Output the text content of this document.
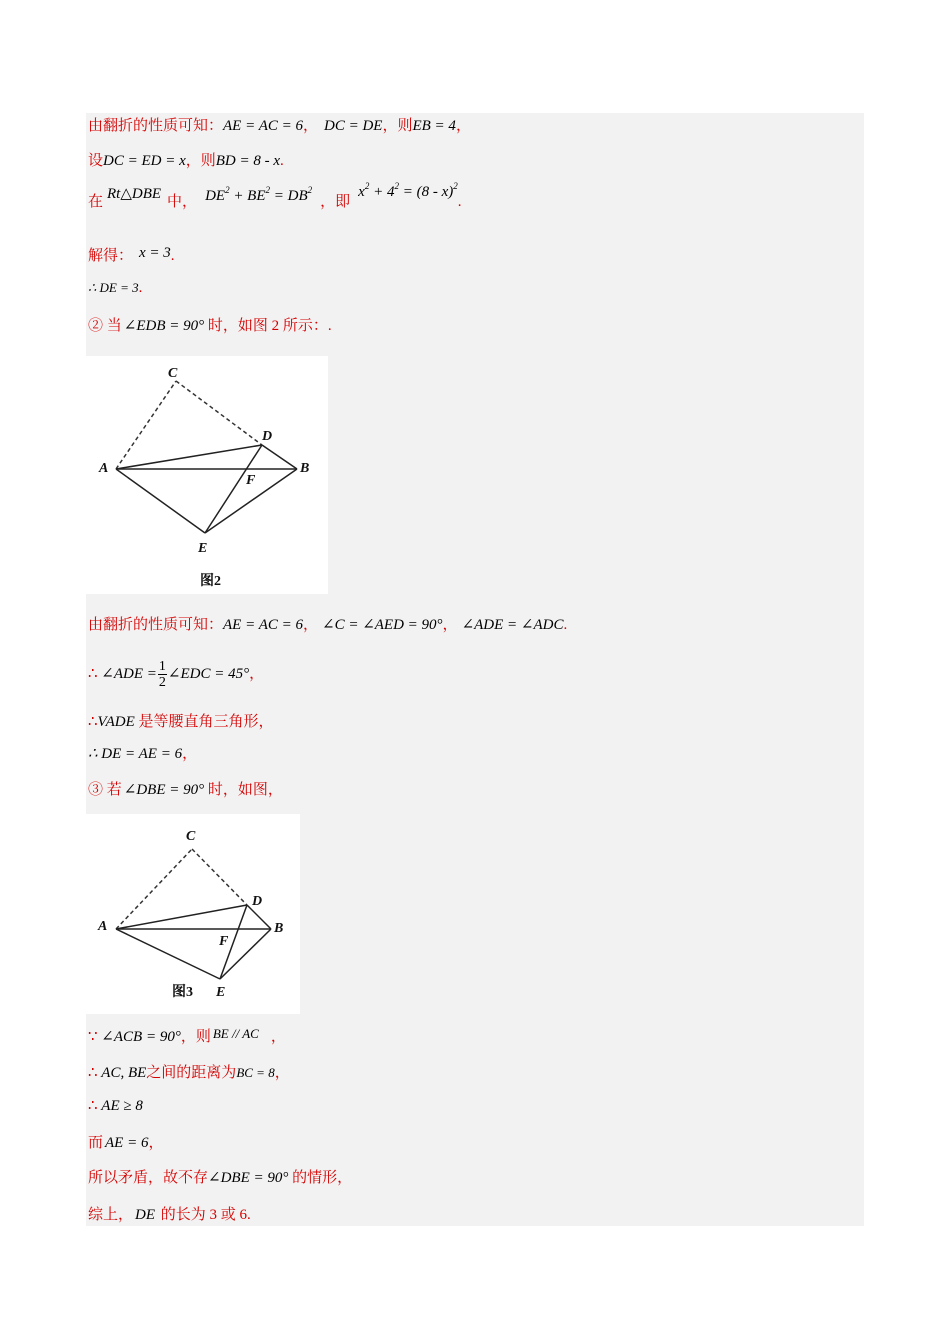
由翻折的性质可知：AE = AC = 6， DC = DE，则EB = 4，
设DC = ED = x，则BD = 8 - x.
在 Rt△DBE 中， $DE^2 + BE^2 = DB^2$，即$x^2 + 4^2 = (8 - x)^2$.
解得： x = 3.
∴ DE = 3.
② 当 ∠EDB = 90° 时，如图 2 所示：.
C
D
A	B
F
E
图2
由翻折的性质可知：AE = AC = 6， ∠C = ∠AED = 90°， ∠ADE = ∠ADC.
∴ ∠ADE = $\frac{1}{2}$ ∠EDC = 45°，
∴VADE 是等腰直角三角形，
∴ DE = AE = 6，
③ 若 ∠DBE = 90° 时，如图，
C
D
A	B
F
E
图3
∵ ∠ACB = 90°，则 BE // AC ，
∴ AC, BE之间的距离为BC = 8，
∴ AE ≥ 8
而 AE = 6，
所以矛盾，故不存∠DBE = 90° 的情形，
综上， DE 的长为 3 或 6.
